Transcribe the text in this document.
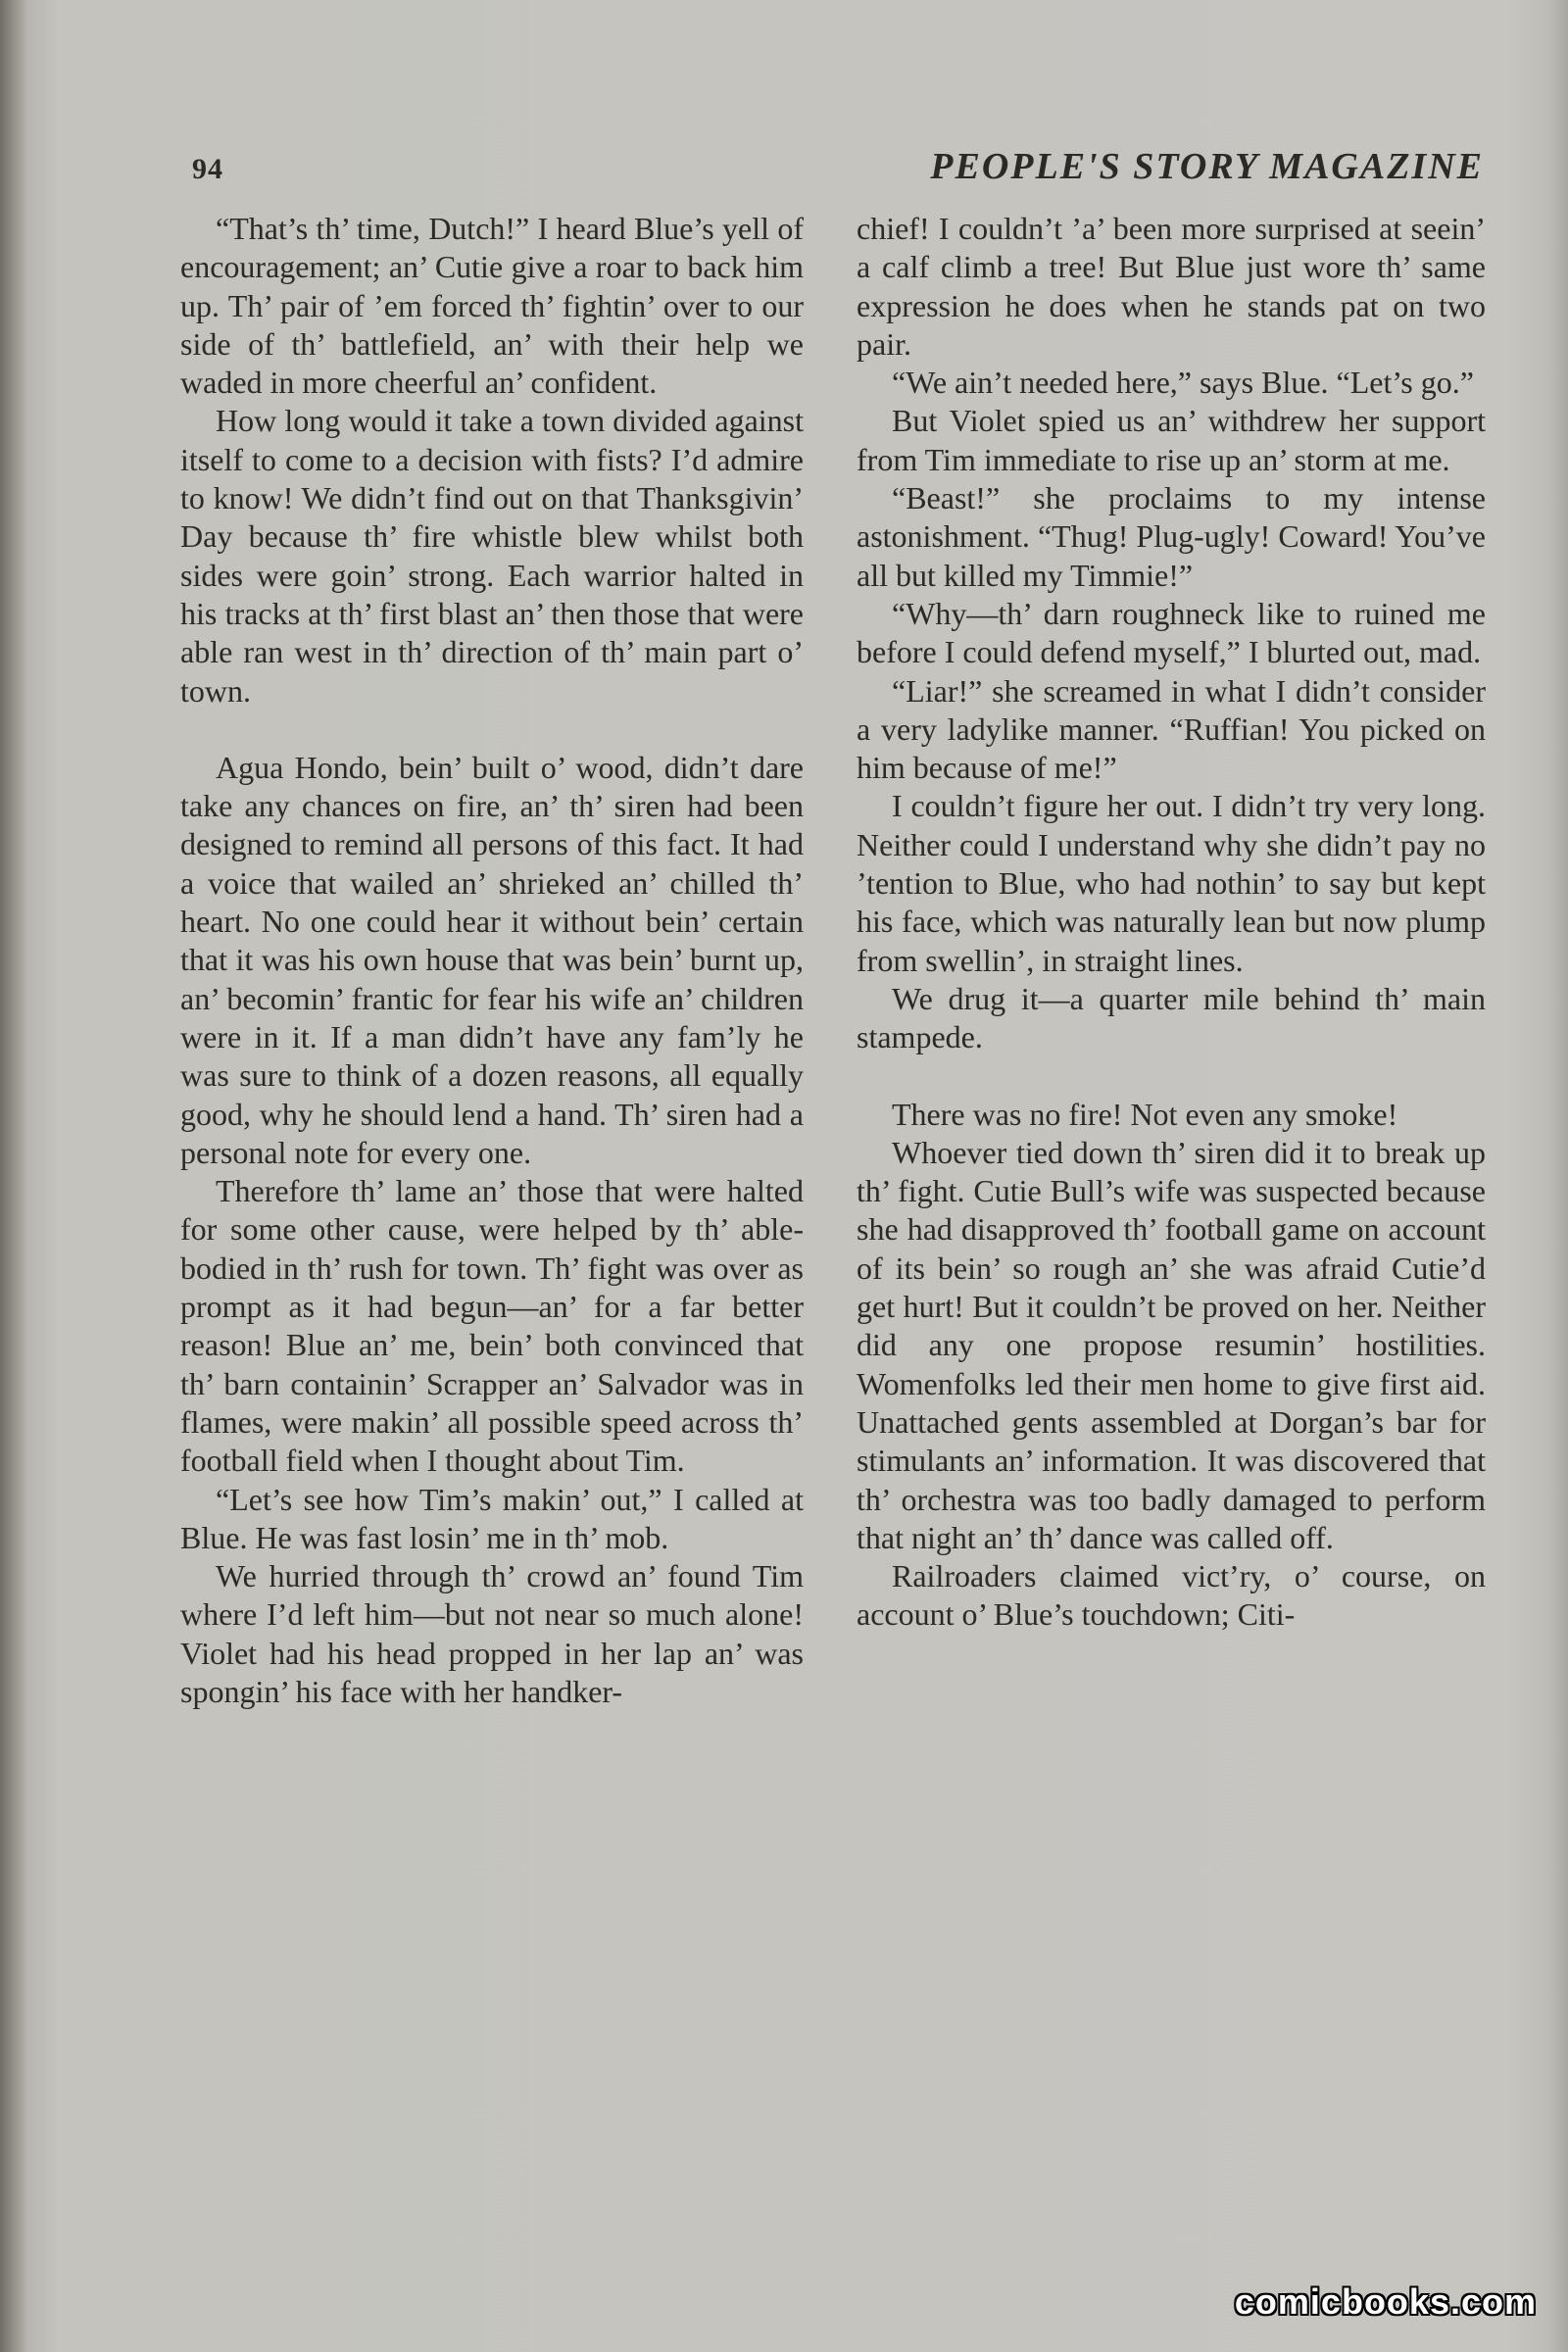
94	PEOPLE'S STORY MAGAZINE

“That’s th’ time, Dutch!” I heard Blue’s yell of encouragement; an’ Cutie give a roar to back him up. Th’ pair of ’em forced th’ fightin’ over to our side of th’ battlefield, an’ with their help we waded in more cheerful an’ confident.

How long would it take a town divided against itself to come to a decision with fists? I’d admire to know! We didn’t find out on that Thanksgivin’ Day because th’ fire whistle blew whilst both sides were goin’ strong. Each warrior halted in his tracks at th’ first blast an’ then those that were able ran west in th’ direction of th’ main part o’ town.

Agua Hondo, bein’ built o’ wood, didn’t dare take any chances on fire, an’ th’ siren had been designed to remind all persons of this fact. It had a voice that wailed an’ shrieked an’ chilled th’ heart. No one could hear it without bein’ certain that it was his own house that was bein’ burnt up, an’ becomin’ frantic for fear his wife an’ children were in it. If a man didn’t have any fam’ly he was sure to think of a dozen reasons, all equally good, why he should lend a hand. Th’ siren had a personal note for every one.

Therefore th’ lame an’ those that were halted for some other cause, were helped by th’ able-bodied in th’ rush for town. Th’ fight was over as prompt as it had begun—an’ for a far better reason! Blue an’ me, bein’ both convinced that th’ barn containin’ Scrapper an’ Salvador was in flames, were makin’ all possible speed across th’ football field when I thought about Tim.

“Let’s see how Tim’s makin’ out,” I called at Blue. He was fast losin’ me in th’ mob.

We hurried through th’ crowd an’ found Tim where I’d left him—but not near so much alone! Violet had his head propped in her lap an’ was spongin’ his face with her handker-

chief! I couldn’t ’a’ been more surprised at seein’ a calf climb a tree! But Blue just wore th’ same expression he does when he stands pat on two pair.

“We ain’t needed here,” says Blue. “Let’s go.”

But Violet spied us an’ withdrew her support from Tim immediate to rise up an’ storm at me.

“Beast!” she proclaims to my intense astonishment. “Thug! Plug-ugly! Coward! You’ve all but killed my Timmie!”

“Why—th’ darn roughneck like to ruined me before I could defend myself,” I blurted out, mad.

“Liar!” she screamed in what I didn’t consider a very ladylike manner. “Ruffian! You picked on him because of me!”

I couldn’t figure her out. I didn’t try very long. Neither could I understand why she didn’t pay no ’tention to Blue, who had nothin’ to say but kept his face, which was naturally lean but now plump from swellin’, in straight lines.

We drug it—a quarter mile behind th’ main stampede.

There was no fire! Not even any smoke!

Whoever tied down th’ siren did it to break up th’ fight. Cutie Bull’s wife was suspected because she had disapproved th’ football game on account of its bein’ so rough an’ she was afraid Cutie’d get hurt! But it couldn’t be proved on her. Neither did any one propose resumin’ hostilities. Womenfolks led their men home to give first aid. Unattached gents assembled at Dorgan’s bar for stimulants an’ information. It was discovered that th’ orchestra was too badly damaged to perform that night an’ th’ dance was called off.

Railroaders claimed vict’ry, o’ course, on account o’ Blue’s touchdown; Citi-

comicbooks.com
